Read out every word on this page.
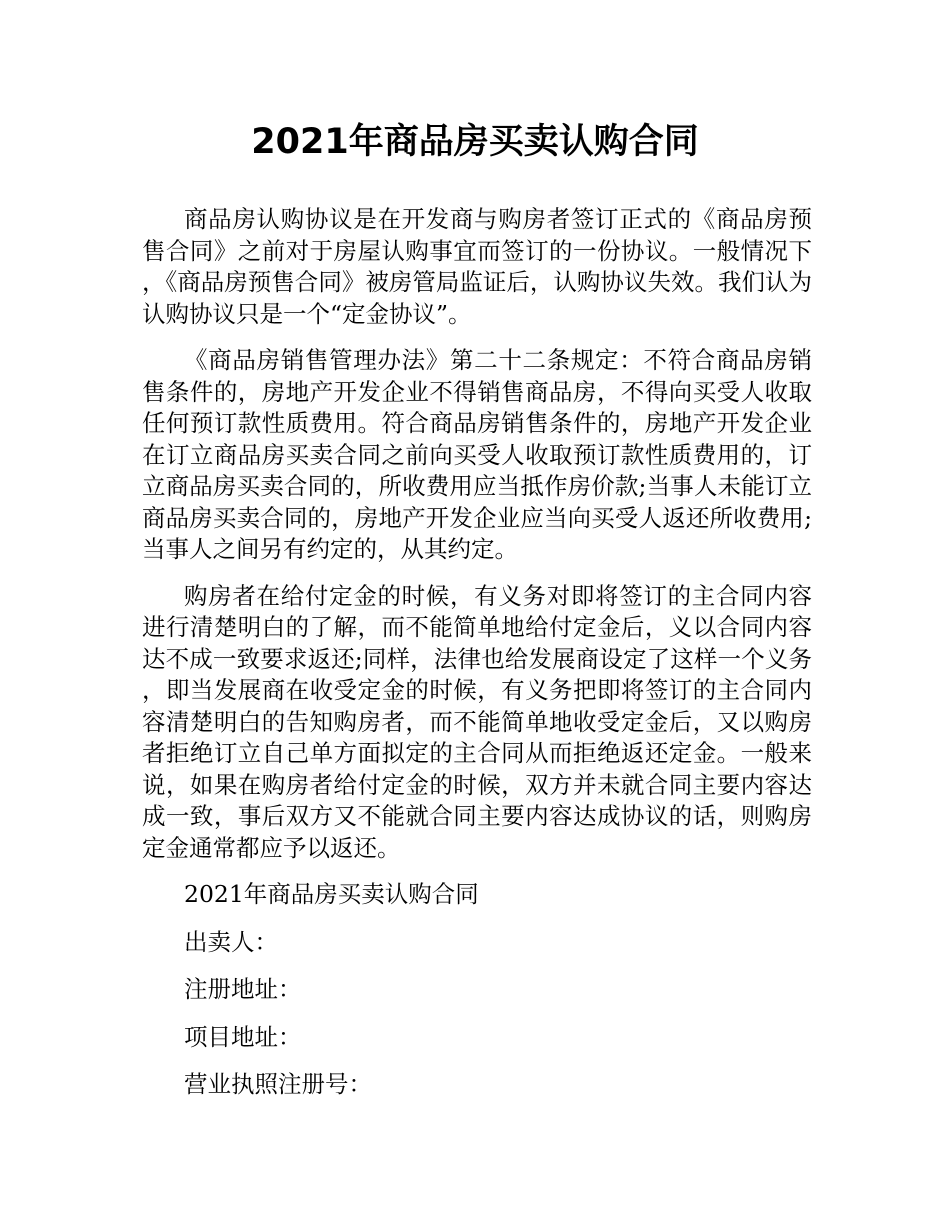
2021年商品房买卖认购合同

商品房认购协议是在开发商与购房者签订正式的《商品房预售合同》之前对于房屋认购事宜而签订的一份协议。一般情况下，《商品房预售合同》被房管局监证后，认购协议失效。我们认为认购协议只是一个“定金协议”。

《商品房销售管理办法》第二十二条规定：不符合商品房销售条件的，房地产开发企业不得销售商品房，不得向买受人收取任何预订款性质费用。符合商品房销售条件的，房地产开发企业在订立商品房买卖合同之前向买受人收取预订款性质费用的，订立商品房买卖合同的，所收费用应当抵作房价款;当事人未能订立商品房买卖合同的，房地产开发企业应当向买受人返还所收费用;当事人之间另有约定的，从其约定。

购房者在给付定金的时候，有义务对即将签订的主合同内容进行清楚明白的了解，而不能简单地给付定金后，义以合同内容达不成一致要求返还;同样，法律也给发展商设定了这样一个义务，即当发展商在收受定金的时候，有义务把即将签订的主合同内容清楚明白的告知购房者，而不能简单地收受定金后，又以购房者拒绝订立自己单方面拟定的主合同从而拒绝返还定金。一般来说，如果在购房者给付定金的时候，双方并未就合同主要内容达成一致，事后双方又不能就合同主要内容达成协议的话，则购房定金通常都应予以返还。

2021年商品房买卖认购合同
出卖人：
注册地址：
项目地址：
营业执照注册号：
